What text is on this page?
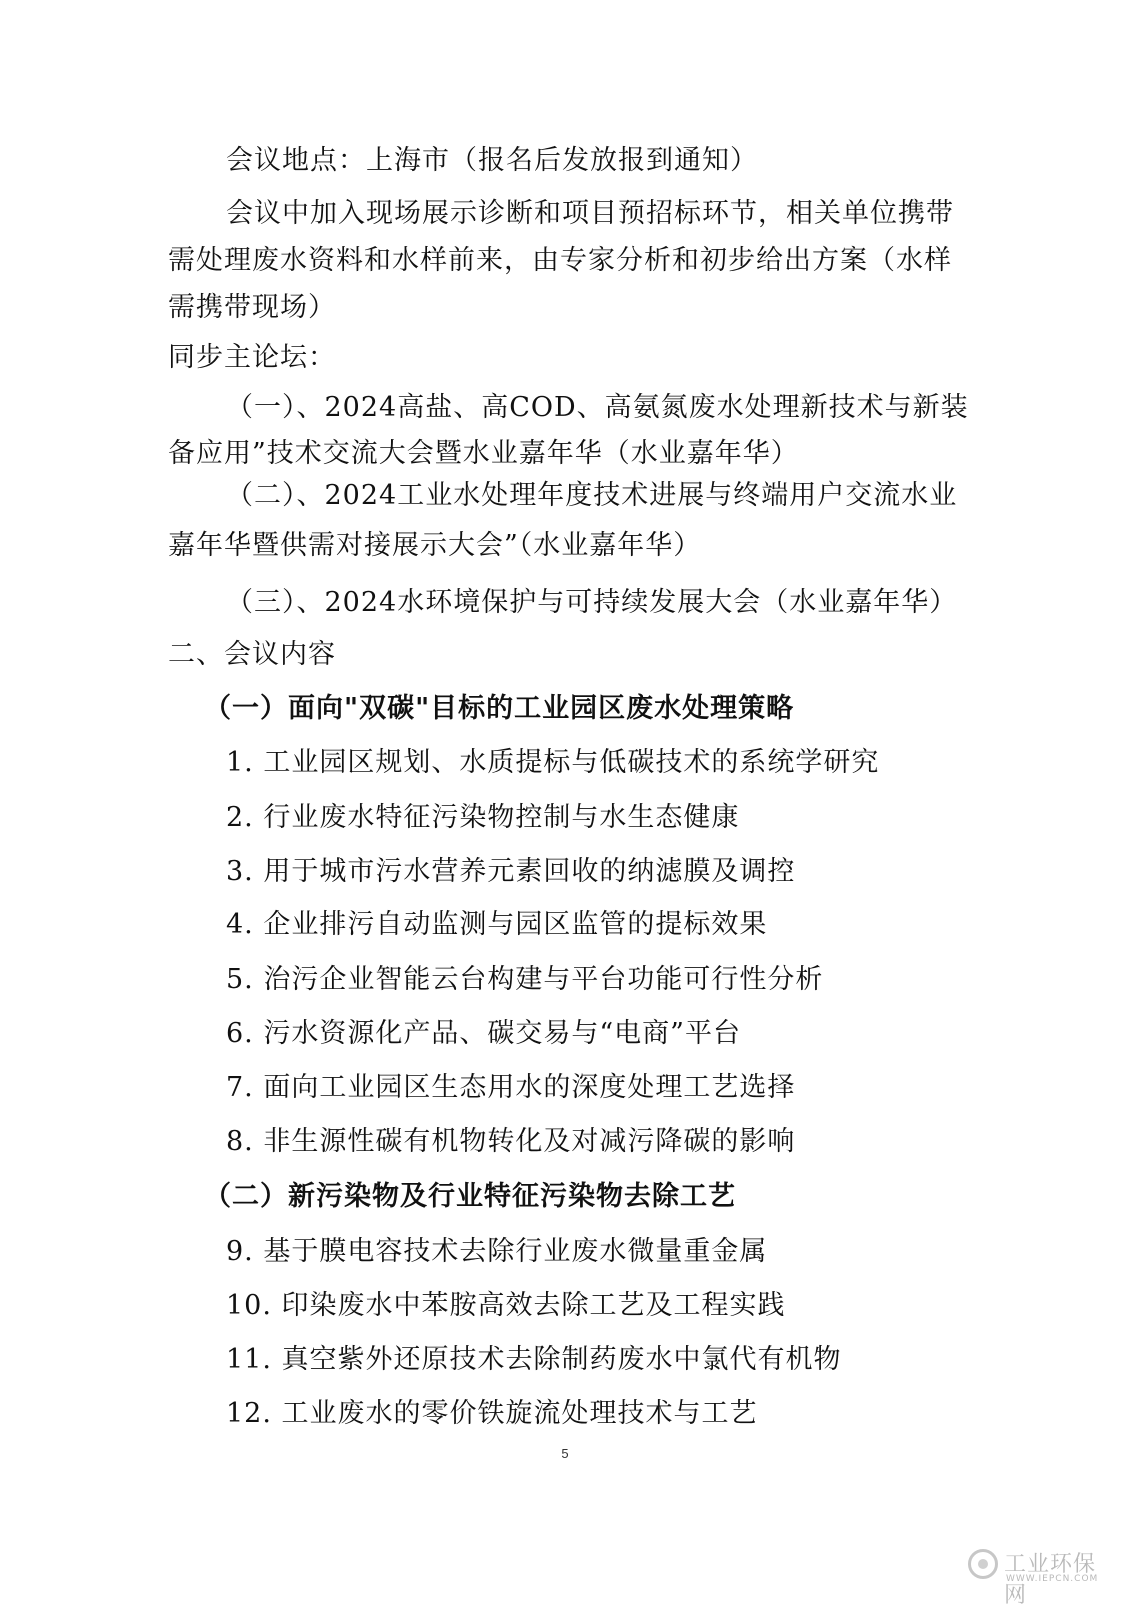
会议地点：上海市（报名后发放报到通知）
会议中加入现场展示诊断和项目预招标环节，相关单位携带
需处理废水资料和水样前来，由专家分析和初步给出方案（水样
需携带现场）
同步主论坛：
（一）、2024高盐、高COD、高氨氮废水处理新技术与新装
备应用”技术交流大会暨水业嘉年华（水业嘉年华）
（二）、2024工业水处理年度技术进展与终端用户交流水业
嘉年华暨供需对接展示大会”（水业嘉年华）
（三）、2024水环境保护与可持续发展大会（水业嘉年华）
二、会议内容
（一）面向"双碳"目标的工业园区废水处理策略
1. 工业园区规划、水质提标与低碳技术的系统学研究
2. 行业废水特征污染物控制与水生态健康
3. 用于城市污水营养元素回收的纳滤膜及调控
4. 企业排污自动监测与园区监管的提标效果
5. 治污企业智能云台构建与平台功能可行性分析
6. 污水资源化产品、碳交易与“电商”平台
7. 面向工业园区生态用水的深度处理工艺选择
8. 非生源性碳有机物转化及对减污降碳的影响
（二）新污染物及行业特征污染物去除工艺
9. 基于膜电容技术去除行业废水微量重金属
10. 印染废水中苯胺高效去除工艺及工程实践
11. 真空紫外还原技术去除制药废水中氯代有机物
12. 工业废水的零价铁旋流处理技术与工艺
5
工业环保网
WWW.IEPCN.COM
